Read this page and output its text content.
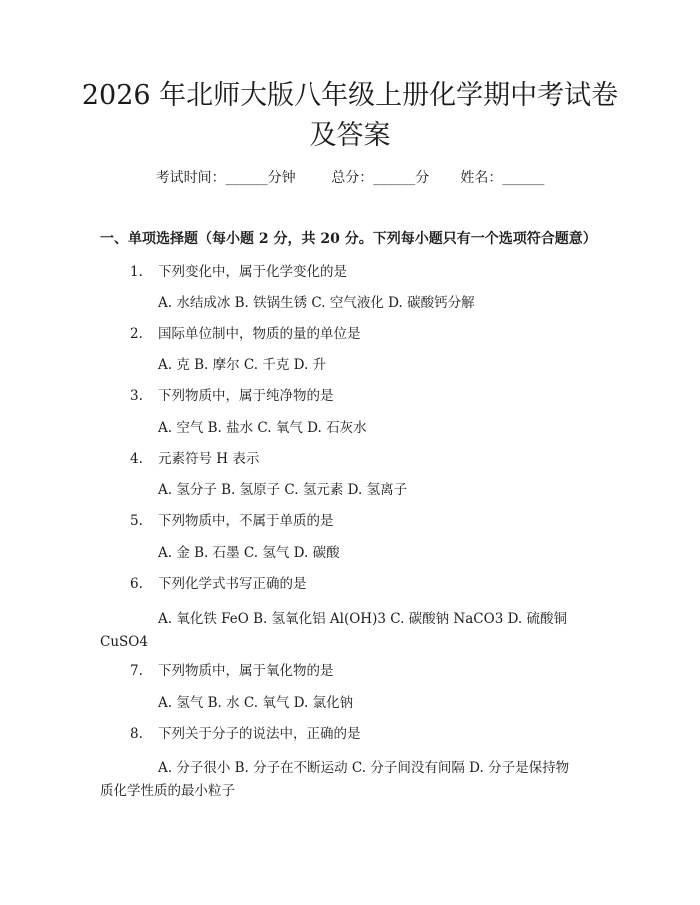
2026 年北师大版八年级上册化学期中考试卷
及答案
考试时间：______分钟	总分：______分 姓名：______
一、单项选择题（每小题 2 分，共 20 分。下列每小题只有一个选项符合题意）
1.	下列变化中，属于化学变化的是
A. 水结成冰 B. 铁锅生锈 C. 空气液化 D. 碳酸钙分解
2.	国际单位制中，物质的量的单位是
A. 克 B. 摩尔 C. 千克 D. 升
3.	下列物质中，属于纯净物的是
A. 空气 B. 盐水 C. 氧气 D. 石灰水
4.	元素符号 H 表示
A. 氢分子 B. 氢原子 C. 氢元素 D. 氢离子
5.	下列物质中，不属于单质的是
A. 金 B. 石墨 C. 氢气 D. 碳酸
6.	下列化学式书写正确的是
A. 氧化铁 FeO B. 氢氧化铝 Al(OH)3 C. 碳酸钠 NaCO3 D. 硫酸铜 CuSO4
7.	下列物质中，属于氧化物的是
A. 氢气 B. 水 C. 氧气 D. 氯化钠
8.	下列关于分子的说法中，正确的是
A. 分子很小 B. 分子在不断运动 C. 分子间没有间隔 D. 分子是保持物质化学性质的最小粒子
